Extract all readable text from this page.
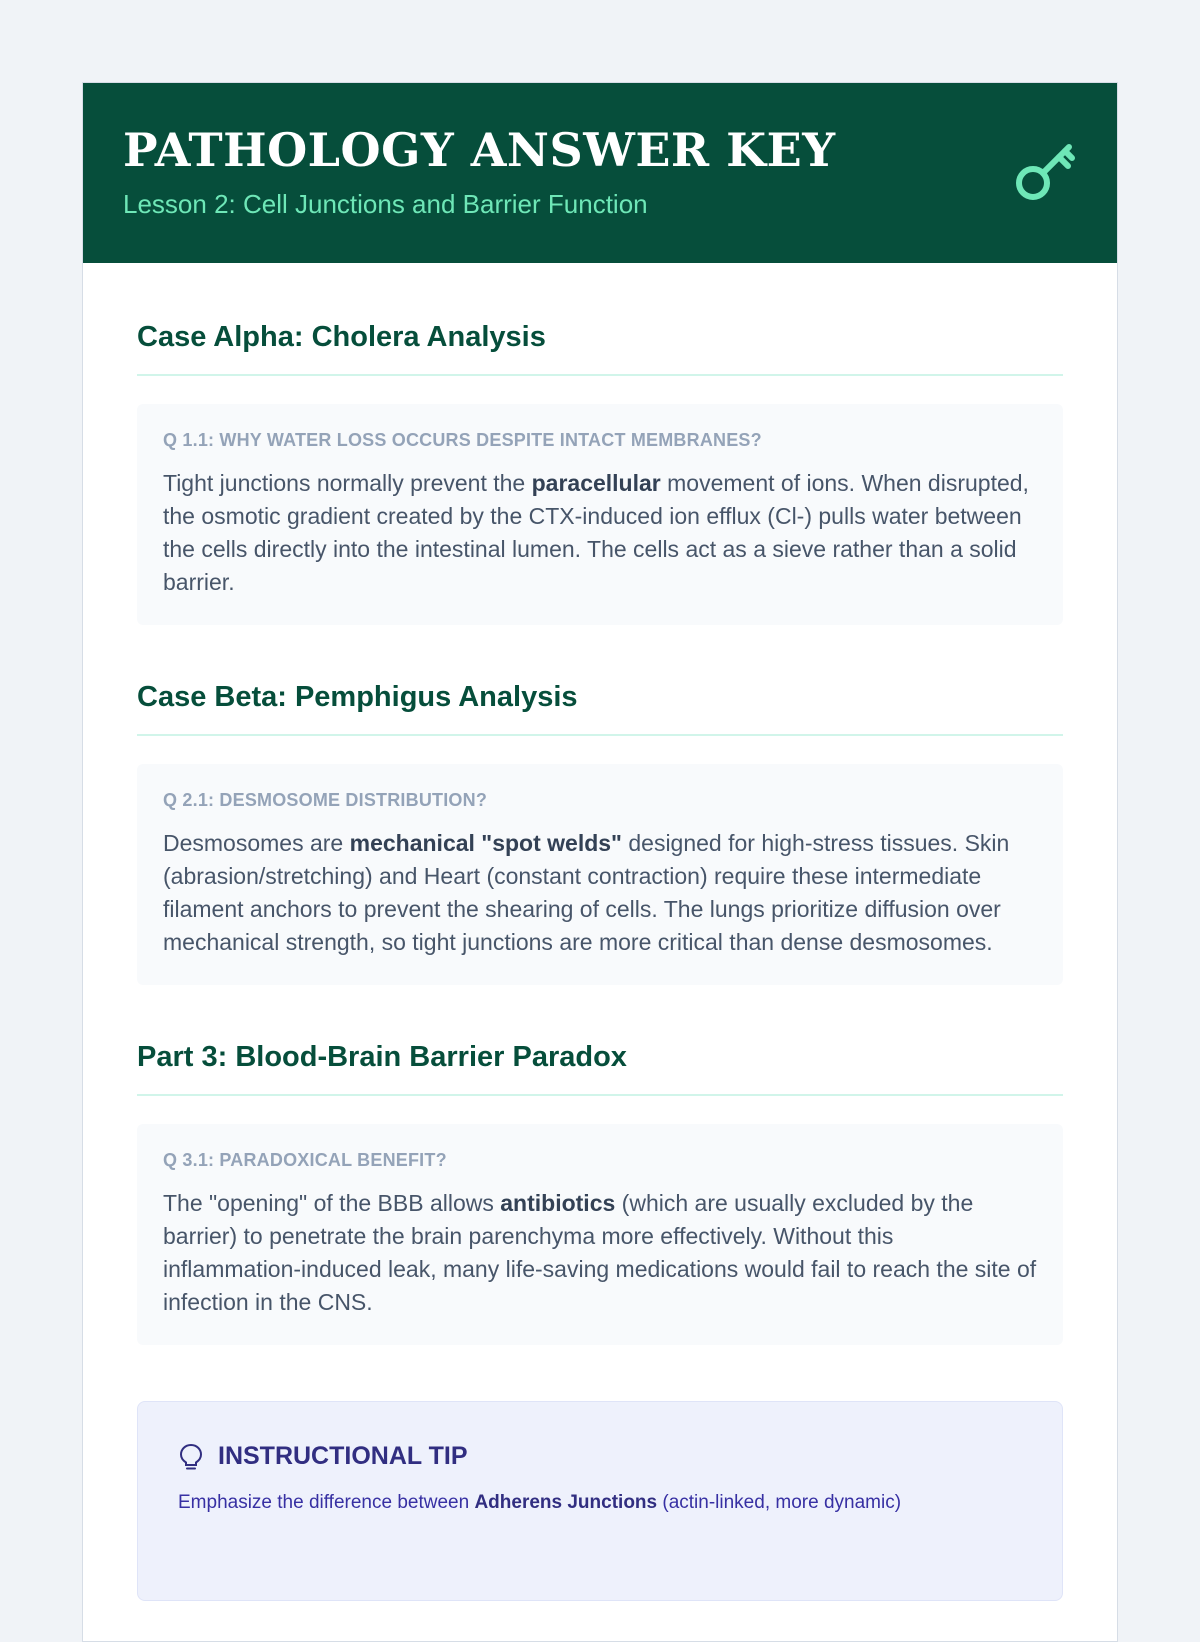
PATHOLOGY ANSWER KEY

Lesson 2: Cell Junctions and Barrier Function

Case Alpha: Cholera Analysis

Q 1.1: WHY WATER LOSS OCCURS DESPITE INTACT MEMBRANES?

Tight junctions normally prevent the paracellular movement of ions. When disrupted, the osmotic gradient created by the CTX-induced ion efflux (Cl-) pulls water between the cells directly into the intestinal lumen. The cells act as a sieve rather than a solid barrier.

Case Beta: Pemphigus Analysis

Q 2.1: DESMOSOME DISTRIBUTION?

Desmosomes are mechanical "spot welds" designed for high-stress tissues. Skin (abrasion/stretching) and Heart (constant contraction) require these intermediate filament anchors to prevent the shearing of cells. The lungs prioritize diffusion over mechanical strength, so tight junctions are more critical than dense desmosomes.

Part 3: Blood-Brain Barrier Paradox

Q 3.1: PARADOXICAL BENEFIT?

The "opening" of the BBB allows antibiotics (which are usually excluded by the barrier) to penetrate the brain parenchyma more effectively. Without this inflammation-induced leak, many life-saving medications would fail to reach the site of infection in the CNS.

INSTRUCTIONAL TIP

Emphasize the difference between Adherens Junctions (actin-linked, more dynamic)
